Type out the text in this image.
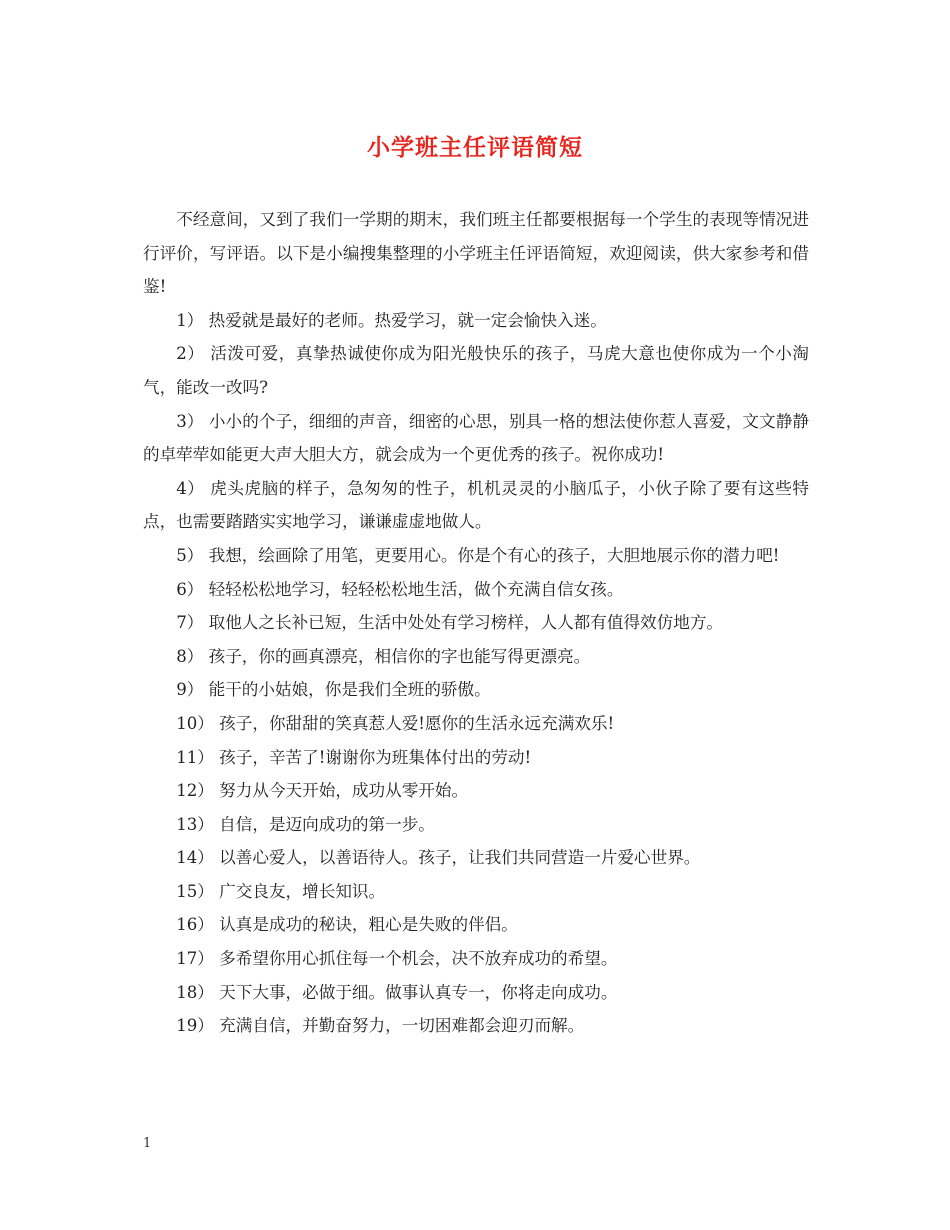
小学班主任评语简短

不经意间，又到了我们一学期的期末，我们班主任都要根据每一个学生的表现等情况进行评价，写评语。以下是小编搜集整理的小学班主任评语简短，欢迎阅读，供大家参考和借鉴!

1） 热爱就是最好的老师。热爱学习，就一定会愉快入迷。

2） 活泼可爱，真挚热诚使你成为阳光般快乐的孩子，马虎大意也使你成为一个小淘气，能改一改吗?

3） 小小的个子，细细的声音，细密的心思，别具一格的想法使你惹人喜爱，文文静静的卓荦荦如能更大声大胆大方，就会成为一个更优秀的孩子。祝你成功!

4） 虎头虎脑的样子，急匆匆的性子，机机灵灵的小脑瓜子，小伙子除了要有这些特点，也需要踏踏实实地学习，谦谦虚虚地做人。

5） 我想，绘画除了用笔，更要用心。你是个有心的孩子，大胆地展示你的潜力吧!

6） 轻轻松松地学习，轻轻松松地生活，做个充满自信女孩。

7） 取他人之长补已短，生活中处处有学习榜样，人人都有值得效仿地方。

8） 孩子，你的画真漂亮，相信你的字也能写得更漂亮。

9） 能干的小姑娘，你是我们全班的骄傲。

10） 孩子，你甜甜的笑真惹人爱!愿你的生活永远充满欢乐!

11） 孩子，辛苦了!谢谢你为班集体付出的劳动!

12） 努力从今天开始，成功从零开始。

13） 自信，是迈向成功的第一步。

14） 以善心爱人，以善语待人。孩子，让我们共同营造一片爱心世界。

15） 广交良友，增长知识。

16） 认真是成功的秘诀，粗心是失败的伴侣。

17） 多希望你用心抓住每一个机会，决不放弃成功的希望。

18） 天下大事，必做于细。做事认真专一，你将走向成功。

19） 充满自信，并勤奋努力，一切困难都会迎刃而解。

1
